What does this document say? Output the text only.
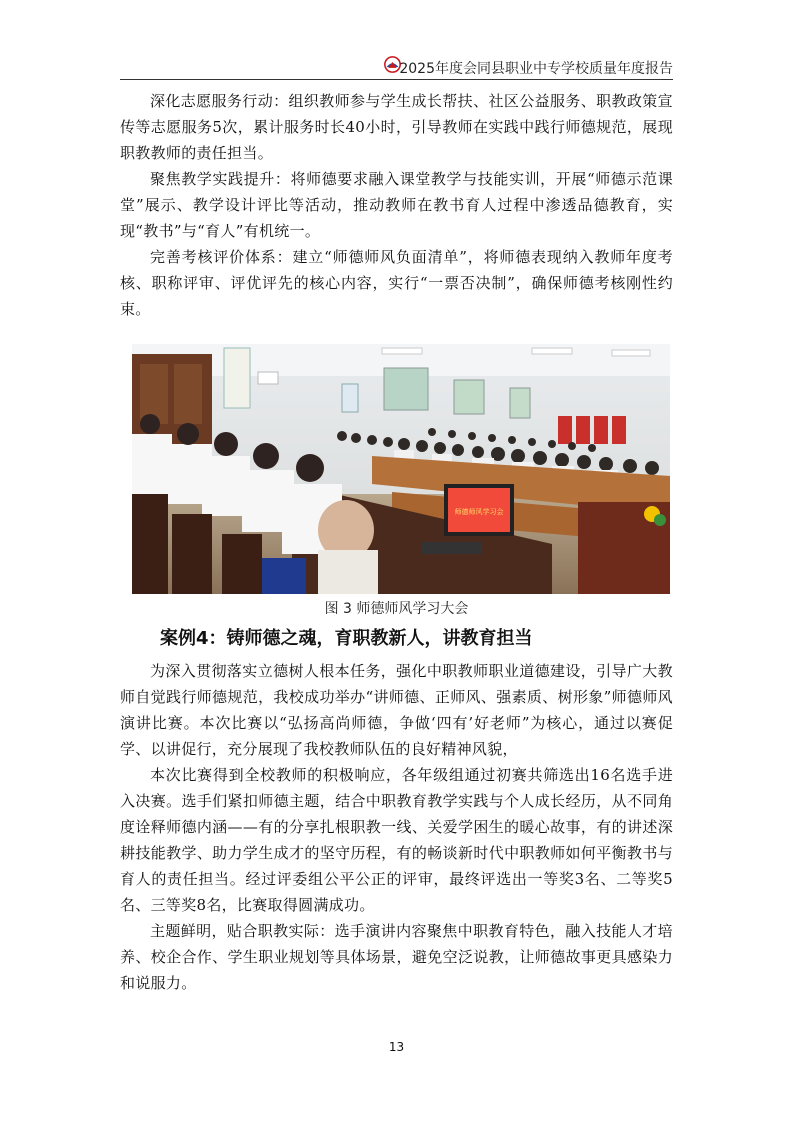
2025年度会同县职业中专学校质量年度报告

深化志愿服务行动：组织教师参与学生成长帮扶、社区公益服务、职教政策宣传等志愿服务5次，累计服务时长40小时，引导教师在实践中践行师德规范，展现职教教师的责任担当。

聚焦教学实践提升：将师德要求融入课堂教学与技能实训，开展“师德示范课堂”展示、教学设计评比等活动，推动教师在教书育人过程中渗透品德教育，实现“教书”与“育人”有机统一。

完善考核评价体系：建立“师德师风负面清单”，将师德表现纳入教师年度考核、职称评审、评优评先的核心内容，实行“一票否决制”，确保师德考核刚性约束。

师德师风学习会
图 3 师德师风学习大会
案例4：铸师德之魂，育职教新人，讲教育担当

为深入贯彻落实立德树人根本任务，强化中职教师职业道德建设，引导广大教师自觉践行师德规范，我校成功举办“讲师德、正师风、强素质、树形象”师德师风演讲比赛。本次比赛以“弘扬高尚师德，争做‘四有’好老师”为核心，通过以赛促学、以讲促行，充分展现了我校教师队伍的良好精神风貌，

本次比赛得到全校教师的积极响应，各年级组通过初赛共筛选出16名选手进入决赛。选手们紧扣师德主题，结合中职教育教学实践与个人成长经历，从不同角度诠释师德内涵——有的分享扎根职教一线、关爱学困生的暖心故事，有的讲述深耕技能教学、助力学生成才的坚守历程，有的畅谈新时代中职教师如何平衡教书与育人的责任担当。经过评委组公平公正的评审，最终评选出一等奖3名、二等奖5名、三等奖8名，比赛取得圆满成功。

主题鲜明，贴合职教实际：选手演讲内容聚焦中职教育特色，融入技能人才培养、校企合作、学生职业规划等具体场景，避免空泛说教，让师德故事更具感染力和说服力。

13
